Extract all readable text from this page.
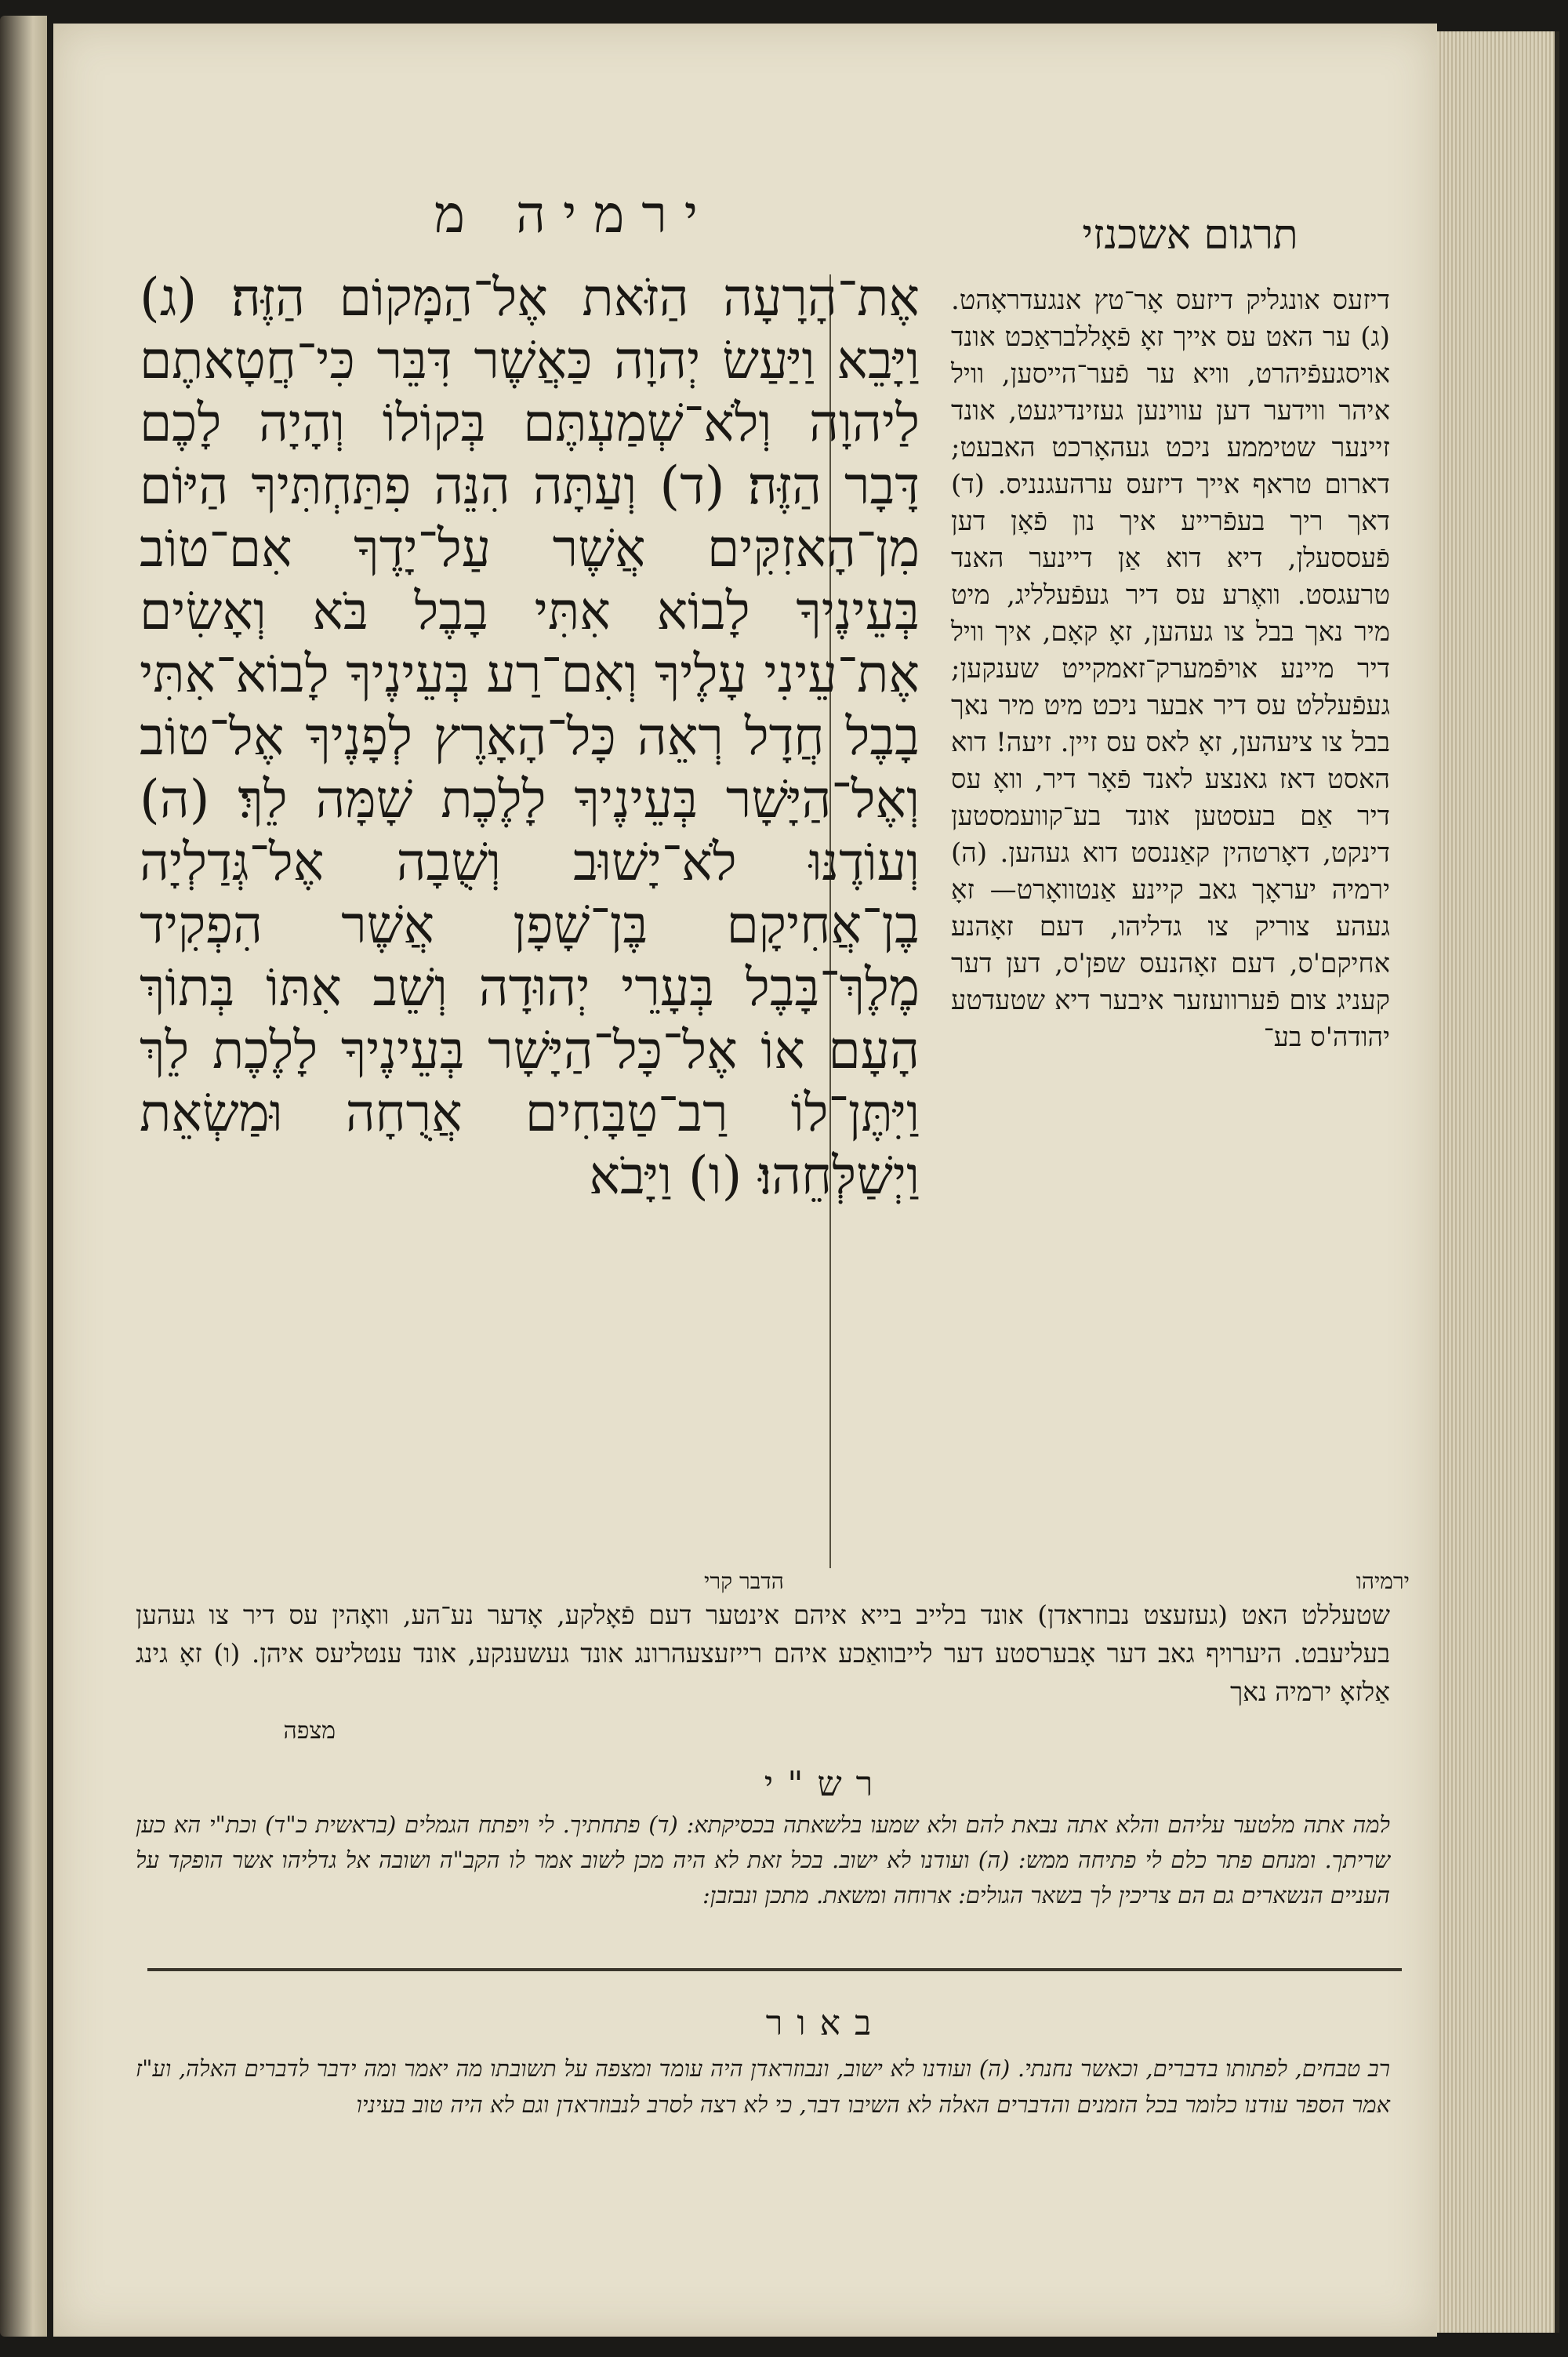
ירמיה מ	תרגום אשכנזי

אֶת־הָרָעָה הַזֹּאת אֶל־הַמָּקוֹם הַזֶּה׃ (ג) וַיָּבֵא וַיַּעַשׂ יְהוָה כַּאֲשֶׁר דִּבֵּר כִּי־חֲטָאתֶם לַיהוָה וְלֹא־שְׁמַעְתֶּם בְּקוֹלוֹ וְהָיָה לָכֶם דָּבָר הַזֶּה׃ (ד) וְעַתָּה הִנֵּה פִתַּחְתִּיךָ הַיּוֹם מִן־הָאזִקִּים אֲשֶׁר עַל־יָדֶךָ אִם־טוֹב בְּעֵינֶיךָ לָבוֹא אִתִּי בָבֶל בֹּא וְאָשִׂים אֶת־עֵינִי עָלֶיךָ וְאִם־רַע בְּעֵינֶיךָ לָבוֹא־אִתִּי בָבֶל חֲדָל רְאֵה כָּל־הָאָרֶץ לְפָנֶיךָ אֶל־טוֹב וְאֶל־הַיָּשָׁר בְּעֵינֶיךָ לָלֶכֶת שָׁמָּה לֵךְ׃ (ה) וְעוֹדֶנּוּ לֹא־יָשׁוּב וְשֻׁבָה אֶל־גְּדַלְיָה בֶן־אֲחִיקָם בֶּן־שָׁפָן אֲשֶׁר הִפְקִיד מֶלֶךְ־בָּבֶל בְּעָרֵי יְהוּדָה וְשֵׁב אִתּוֹ בְּתוֹךְ הָעָם אוֹ אֶל־כָּל־הַיָּשָׁר בְּעֵינֶיךָ לָלֶכֶת לֵךְ וַיִּתֶּן־לוֹ רַב־טַבָּחִים אֲרֻחָה וּמַשְׂאֵת וַיְשַׁלְּחֵהוּ׃ (ו) וַיָּבֹא

דיזעס אונגליק דיזעס אָר־טץ אנגעדראָהט. (ג) ער האט עס אייך זאָ פֿאָללבראַכט אונד אויסגעפֿיהרט, וויא ער פֿער־הייסען, וויל איהר ווידער דען עווינען געזינדיגעט, אונד זיינער שטיממע ניכט געהאָרכט האבעט; דארום טראף אייך דיזעס ערהעגנניס. (ד) דאך ריך בעפֿרייע איך נון פֿאָן דען פֿעססעלן, דיא דוא אַן דיינער האנד טרעגסט. וואֶרע עס דיר געפֿעלליג, מיט מיר נאך בבל צו געהען, זאָ קאָם, איך וויל דיר מיינע אויפֿמערק־זאמקייט שענקען; געפֿעללט עס דיר אבער ניכט מיט מיר נאך בבל צו ציעהען, זאָ לאס עס זיין. זיעה! דוא האסט דאז גאנצע לאנד פֿאָר דיר, וואָ עס דיר אַם בעסטען אונד בע־קוועמסטען דינקט, דאָרטהין קאַננסט דוא געהען. (ה) ירמיה יעראָך גאב קיינע אַנטוואָרט— זאָ געהע צוריק צו גדליהו, דעם זאָהנע אחיקם'ס, דעם זאָהנעס שפן'ס, דען דער קעניג צום פֿערוועזער איבער דיא שטעדטע יהודה'ס בע־

ירמיהו
הדבר קרי

שטעללט האט (געזעצט נבוזראדן) אונד בלייב בייא איהם אינטער דעם פֿאָלקע, אָדער נע־הע, וואָהין עס דיר צו געהען בעליעבט. היערויף גאב דער אָבערסטע דער לייבוואַכע איהם רייזעצעהרונג אונד געשענקע, אונד ענטליעס איהן. (ו) זאָ גינג אַלזאָ ירמיה נאך

מצפה
רש"י

למה אתה מלטער עליהם והלא אתה נבאת להם ולא שמעו בלשאתה בכסיקתא: (ד) פתחתיך. לי ויפתח הגמלים (בראשית כ"ד) וכת"י הא כען שריתך. ומנחם פתר כלם לי פתיחה ממש: (ה) ועודנו לא ישוב. בכל זאת לא היה מכן לשוב אמר לו הקב"ה ושובה אל גדליהו אשר הופקד על העניים הנשארים גם הם צריכין לך בשאר הגולים: ארוחה ומשאת. מתכן ונבזבן:

באור

רב טבחים, לפתותו בדברים, וכאשר נחנתי. (ה) ועודנו לא ישוב, ונבוזראדן היה עומד ומצפה על תשובתו מה יאמר ומה ידבר לדברים האלה, וע"ז אמר הספר עודנו כלומר בכל הזמנים והדברים האלה לא השיבו דבר, כי לא רצה לסרב לנבוזראדן וגם לא היה טוב בעיניו
